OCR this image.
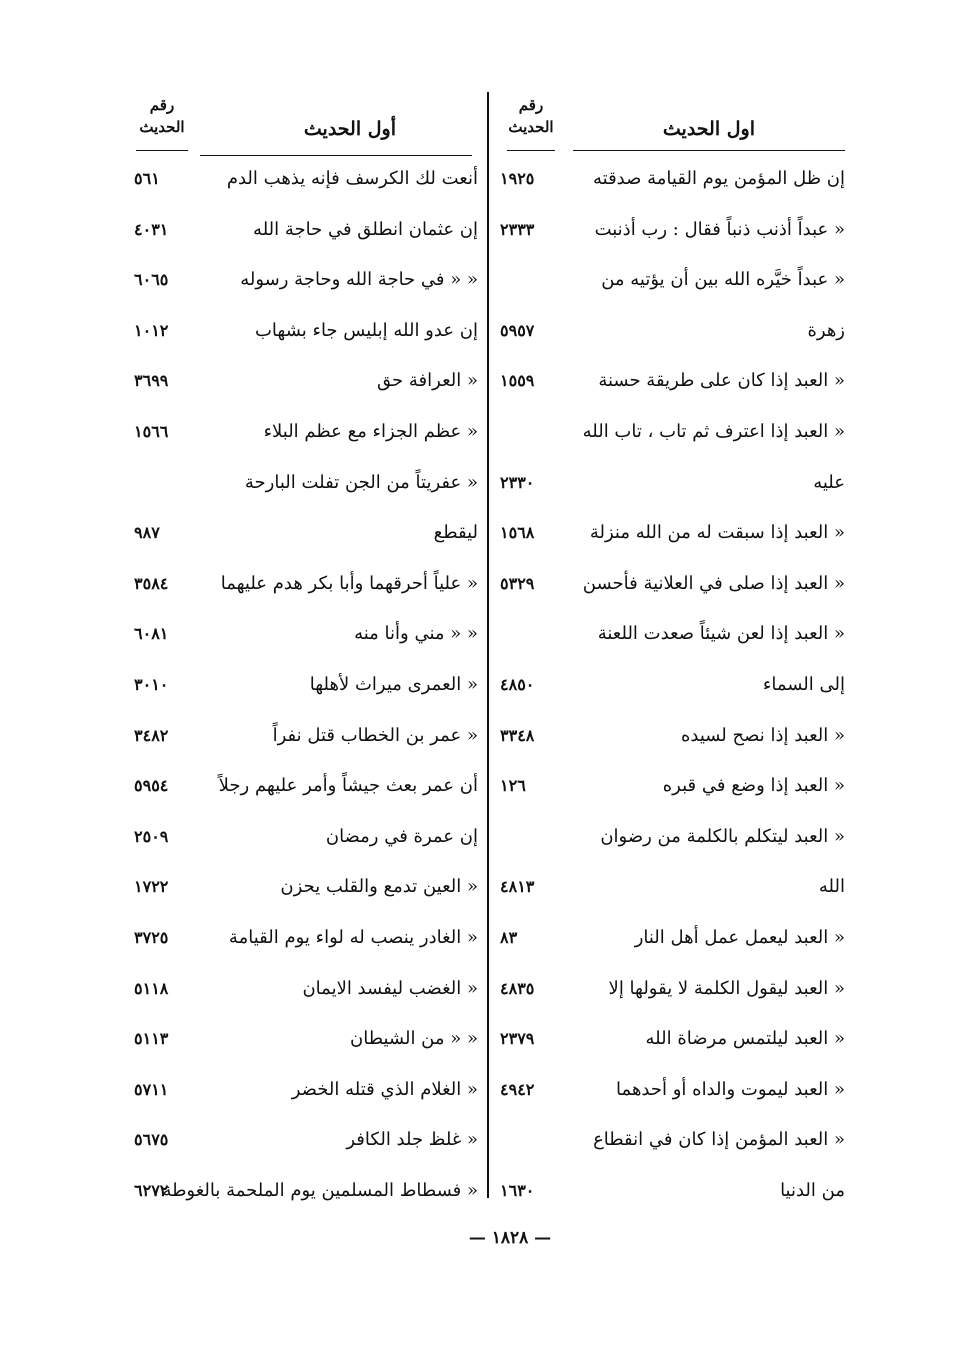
اول الحديث
رقم
الحديث
إن ظل المؤمن يوم القيامة صدقته
١٩٢٥
« عبداً أذنب ذنباً فقال : رب أذنبت
٢٣٣٣
« عبداً خيَّره الله بين أن يؤتيه من
زهرة
٥٩٥٧
« العبد إذا كان على طريقة حسنة
١٥٥٩
« العبد إذا اعترف ثم تاب ، تاب الله
عليه
٢٣٣٠
« العبد إذا سبقت له من الله منزلة
١٥٦٨
« العبد إذا صلى في العلانية فأحسن
٥٣٢٩
« العبد إذا لعن شيئاً صعدت اللعنة
إلى السماء
٤٨٥٠
« العبد إذا نصح لسيده
٣٣٤٨
« العبد إذا وضع في قبره
١٢٦
« العبد ليتكلم بالكلمة من رضوان
الله
٤٨١٣
« العبد ليعمل عمل أهل النار
٨٣
« العبد ليقول الكلمة لا يقولها إلا
٤٨٣٥
« العبد ليلتمس مرضاة الله
٢٣٧٩
« العبد ليموت والداه أو أحدهما
٤٩٤٢
« العبد المؤمن إذا كان في انقطاع
من الدنيا
١٦٣٠
أول الحديث
رقم
الحديث
أنعت لك الكرسف فإنه يذهب الدم
٥٦١
إن عثمان انطلق في حاجة الله
٤٠٣١
« « في حاجة الله وحاجة رسوله
٦٠٦٥
إن عدو الله إبليس جاء بشهاب
١٠١٢
« العرافة حق
٣٦٩٩
« عظم الجزاء مع عظم البلاء
١٥٦٦
« عفريتاً من الجن تفلت البارحة
ليقطع
٩٨٧
« علياً أحرقهما وأبا بكر هدم عليهما
٣٥٨٤
« « مني وأنا منه
٦٠٨١
« العمرى ميراث لأهلها
٣٠١٠
« عمر بن الخطاب قتل نفراً
٣٤٨٢
أن عمر بعث جيشاً وأمر عليهم رجلاً
٥٩٥٤
إن عمرة في رمضان
٢٥٠٩
« العين تدمع والقلب يحزن
١٧٢٢
« الغادر ينصب له لواء يوم القيامة
٣٧٢٥
« الغضب ليفسد الايمان
٥١١٨
« « من الشيطان
٥١١٣
« الغلام الذي قتله الخضر
٥٧١١
« غلظ جلد الكافر
٥٦٧٥
« فسطاط المسلمين يوم الملحمة بالغوطة
٦٢٧٢
— ١٨٢٨ —
